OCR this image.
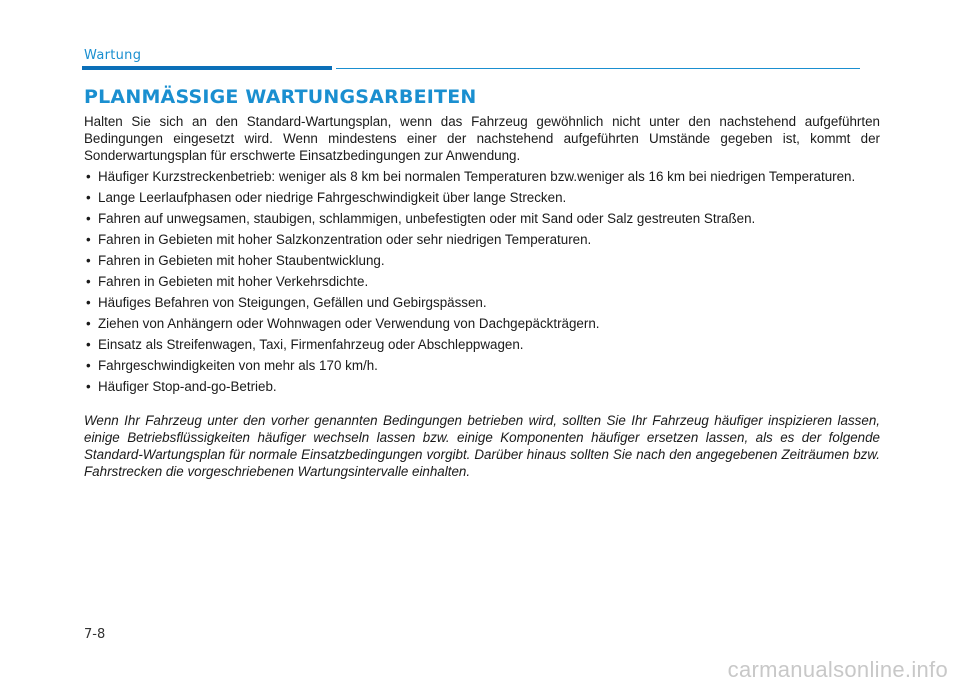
Wartung
PLANMÄSSIGE WARTUNGSARBEITEN

Halten Sie sich an den Standard-Wartungsplan, wenn das Fahrzeug gewöhnlich nicht unter den nachstehend aufgeführten Bedingungen eingesetzt wird. Wenn mindestens einer der nachstehend aufgeführten Umstände gegeben ist, kommt der Sonderwartungsplan für erschwerte Einsatzbedingungen zur Anwendung.

• Häufiger Kurzstreckenbetrieb: weniger als 8 km bei normalen Temperaturen bzw.weniger als 16 km bei niedrigen Temperaturen.
• Lange Leerlaufphasen oder niedrige Fahrgeschwindigkeit über lange Strecken.
• Fahren auf unwegsamen, staubigen, schlammigen, unbefestigten oder mit Sand oder Salz gestreuten Straßen.
• Fahren in Gebieten mit hoher Salzkonzentration oder sehr niedrigen Temperaturen.
• Fahren in Gebieten mit hoher Staubentwicklung.
• Fahren in Gebieten mit hoher Verkehrsdichte.
• Häufiges Befahren von Steigungen, Gefällen und Gebirgspässen.
• Ziehen von Anhängern oder Wohnwagen oder Verwendung von Dachgepäckträgern.
• Einsatz als Streifenwagen, Taxi, Firmenfahrzeug oder Abschleppwagen.
• Fahrgeschwindigkeiten von mehr als 170 km/h.
• Häufiger Stop-and-go-Betrieb.

Wenn Ihr Fahrzeug unter den vorher genannten Bedingungen betrieben wird, sollten Sie Ihr Fahrzeug häufiger inspizieren lassen, einige Betriebsflüssigkeiten häufiger wechseln lassen bzw. einige Komponenten häufiger ersetzen lassen, als es der folgende Standard-Wartungsplan für normale Einsatzbedingungen vorgibt. Darüber hinaus sollten Sie nach den angegebenen Zeiträumen bzw. Fahrstrecken die vorgeschriebenen Wartungsintervalle einhalten.

7-8
carmanualsonline.info
